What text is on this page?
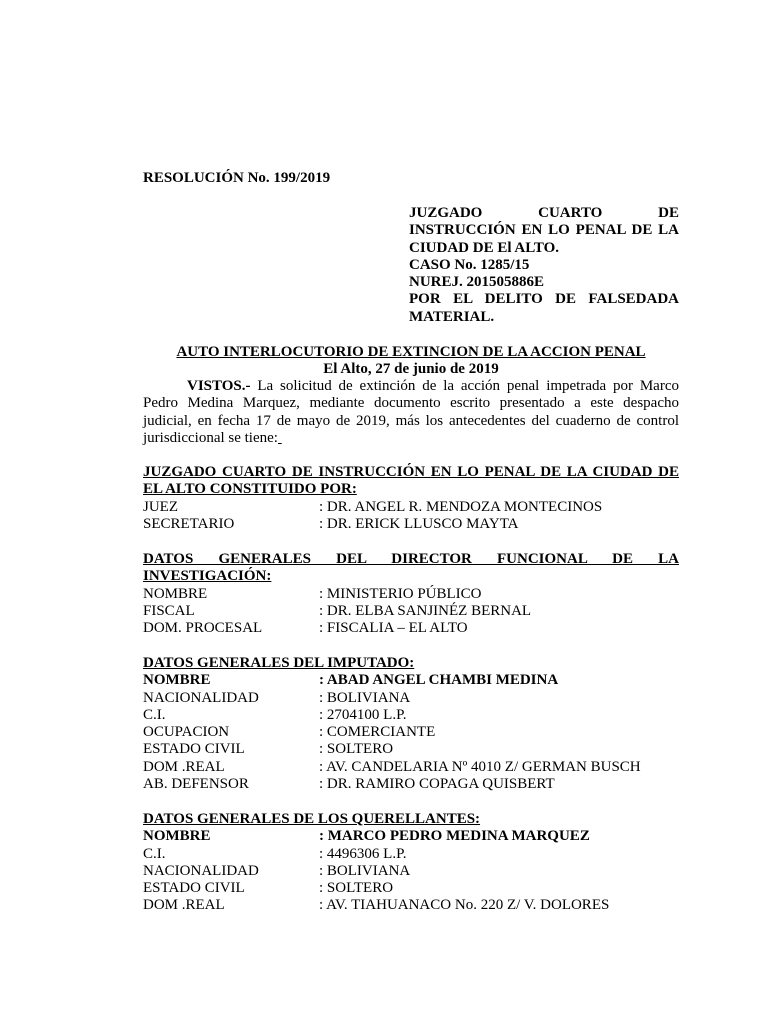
RESOLUCIÓN No. 199/2019
JUZGADO CUARTO DE
INSTRUCCIÓN EN LO PENAL DE LA
CIUDAD DE El ALTO.
CASO No. 1285/15
NUREJ. 201505886E
POR EL DELITO DE FALSEDADA
MATERIAL.
AUTO INTERLOCUTORIO DE EXTINCION DE LA ACCION PENAL
El Alto, 27 de junio de 2019
VISTOS.- La solicitud de extinción de la acción penal impetrada por Marco Pedro Medina Marquez, mediante documento escrito presentado a este despacho judicial, en fecha 17 de mayo de 2019, más los antecedentes del cuaderno de control jurisdiccional se tiene:
JUZGADO CUARTO DE INSTRUCCIÓN EN LO PENAL DE LA CIUDAD DE
EL ALTO CONSTITUIDO POR:
JUEZ	: DR. ANGEL R. MENDOZA MONTECINOS
SECRETARIO	: DR. ERICK LLUSCO MAYTA
DATOS GENERALES DEL DIRECTOR FUNCIONAL DE LA
INVESTIGACIÓN:
NOMBRE	: MINISTERIO PÚBLICO
FISCAL	: DR. ELBA SANJINÉZ BERNAL
DOM. PROCESAL	: FISCALIA – EL ALTO
DATOS GENERALES DEL IMPUTADO:
NOMBRE	: ABAD ANGEL CHAMBI MEDINA
NACIONALIDAD	: BOLIVIANA
C.I.	: 2704100 L.P.
OCUPACION	: COMERCIANTE
ESTADO CIVIL	: SOLTERO
DOM .REAL	: AV. CANDELARIA Nº 4010 Z/ GERMAN BUSCH
AB. DEFENSOR	: DR. RAMIRO COPAGA QUISBERT
DATOS GENERALES DE LOS QUERELLANTES:
NOMBRE	: MARCO PEDRO MEDINA MARQUEZ
C.I.	: 4496306 L.P.
NACIONALIDAD	: BOLIVIANA
ESTADO CIVIL	: SOLTERO
DOM .REAL	: AV. TIAHUANACO No. 220 Z/ V. DOLORES
